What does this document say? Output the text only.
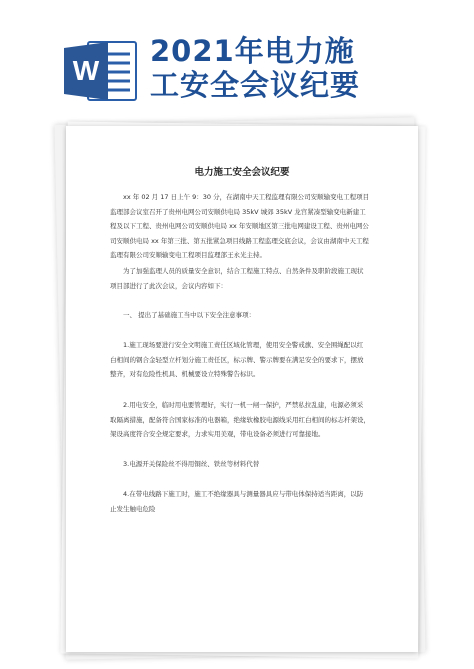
W
2021年电力施
工安全会议纪要
电力施工安全会议纪要
xx 年 02 月 17 日上午 9：30 分，在湖南中天工程监理有限公司安顺输变电工程项目
监理部会议室召开了贵州电网公司安顺供电局 35kV 城郊 35kV 龙宫紧凑型输变电新建工
程及以下工程、贵州电网公司安顺供电局 xx 年安顺地区第三批电网建设工程、贵州电网公
司安顺供电局 xx 年第三批、第五批紧急项目线路工程监理交底会议，会议由湖南中天工程
监理有限公司安顺输变电工程项目监理部王永光主持。
为了加强监理人员的质量安全意识，结合工程施工特点、自然条件及职阶段施工现状
项目部进行了此次会议，会议内容如下：
一、 提出了基础施工当中以下安全注意事项：
1.施工现场要进行安全文明施工责任区域化管理，使用安全警戒旗、安全围绳配以红
白相间的钢合金轻型立杆划分施工责任区，标示牌、警示牌要在满足安全的要求下，摆放
整齐，对有危险性机具、机械要设立特殊警告标识。
2.用电安全，临时用电要管理好，实行一机一闸一保护，严禁私拉乱建，电源必须采
取隔离措施，配备符合国家标准的电器箱，绝缘软橡胶电源线采用红白相间的标志杆架设，
架设高度符合安全规定要求，力求实用美观，带电设备必须进行可靠接地。
3.电源开关保险丝不得用铜丝、铁丝等材料代替
4.在带电线路下施工时，施工不绝缘器具与测量器具应与带电体保持适当距离，以防
止发生触电危险
